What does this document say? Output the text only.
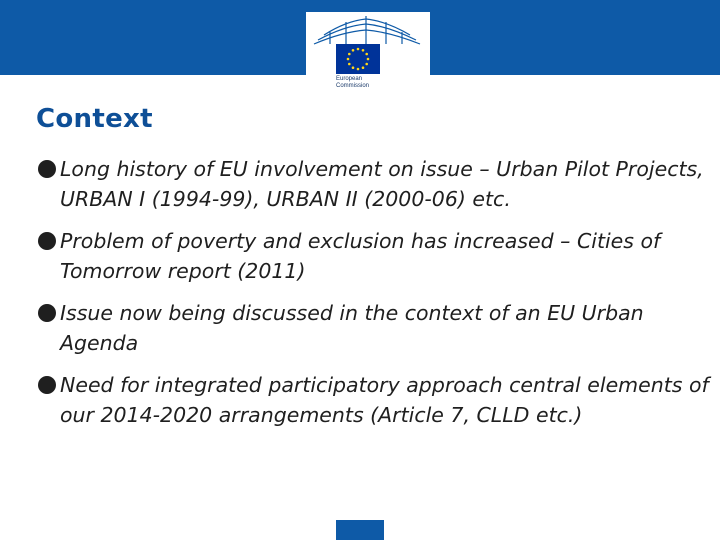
European
Commission
Context
Long history of EU involvement on issue – Urban Pilot Projects, URBAN I (1994-99), URBAN II (2000-06) etc.
Problem of poverty and exclusion has increased – Cities of Tomorrow report (2011)
Issue now being discussed in the context of an EU Urban Agenda
Need for integrated participatory approach central elements of our 2014-2020 arrangements (Article 7, CLLD etc.)
